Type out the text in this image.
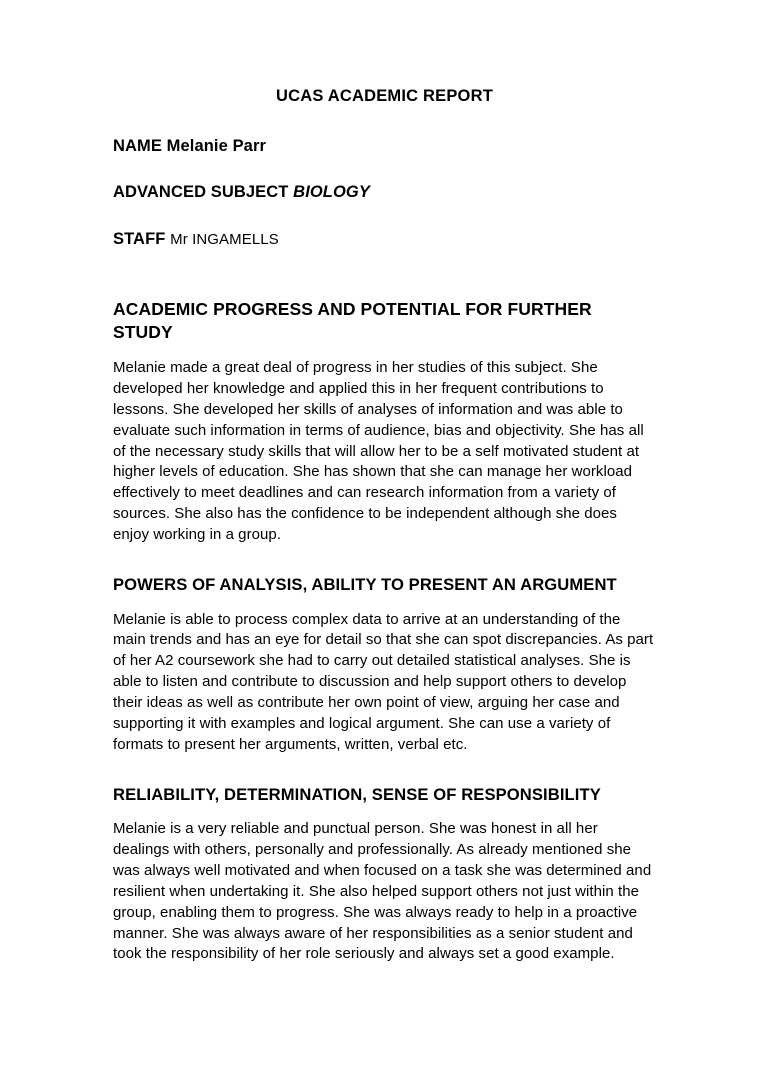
UCAS ACADEMIC REPORT

NAME Melanie Parr

ADVANCED SUBJECT BIOLOGY

STAFF Mr INGAMELLS

ACADEMIC PROGRESS AND POTENTIAL FOR FURTHER STUDY

Melanie made a great deal of progress in her studies of this subject. She developed her knowledge and applied this in her frequent contributions to lessons. She developed her skills of analyses of information and was able to evaluate such information in terms of audience, bias and objectivity. She has all of the necessary study skills that will allow her to be a self motivated student at higher levels of education. She has shown that she can manage her workload effectively to meet deadlines and can research information from a variety of sources. She also has the confidence to be independent although she does enjoy working in a group.

POWERS OF ANALYSIS, ABILITY TO PRESENT AN ARGUMENT

Melanie is able to process complex data to arrive at an understanding of the main trends and has an eye for detail so that she can spot discrepancies. As part of her A2 coursework she had to carry out detailed statistical analyses. She is able to listen and contribute to discussion and help support others to develop their ideas as well as contribute her own point of view, arguing her case and supporting it with examples and logical argument. She can use a variety of formats to present her arguments, written, verbal etc.

RELIABILITY, DETERMINATION, SENSE OF RESPONSIBILITY

Melanie is a very reliable and punctual person. She was honest in all her dealings with others, personally and professionally. As already mentioned she was always well motivated and when focused on a task she was determined and resilient when undertaking it. She also helped support others not just within the group, enabling them to progress. She was always ready to help in a proactive manner. She was always aware of her responsibilities as a senior student and took the responsibility of her role seriously and always set a good example.
